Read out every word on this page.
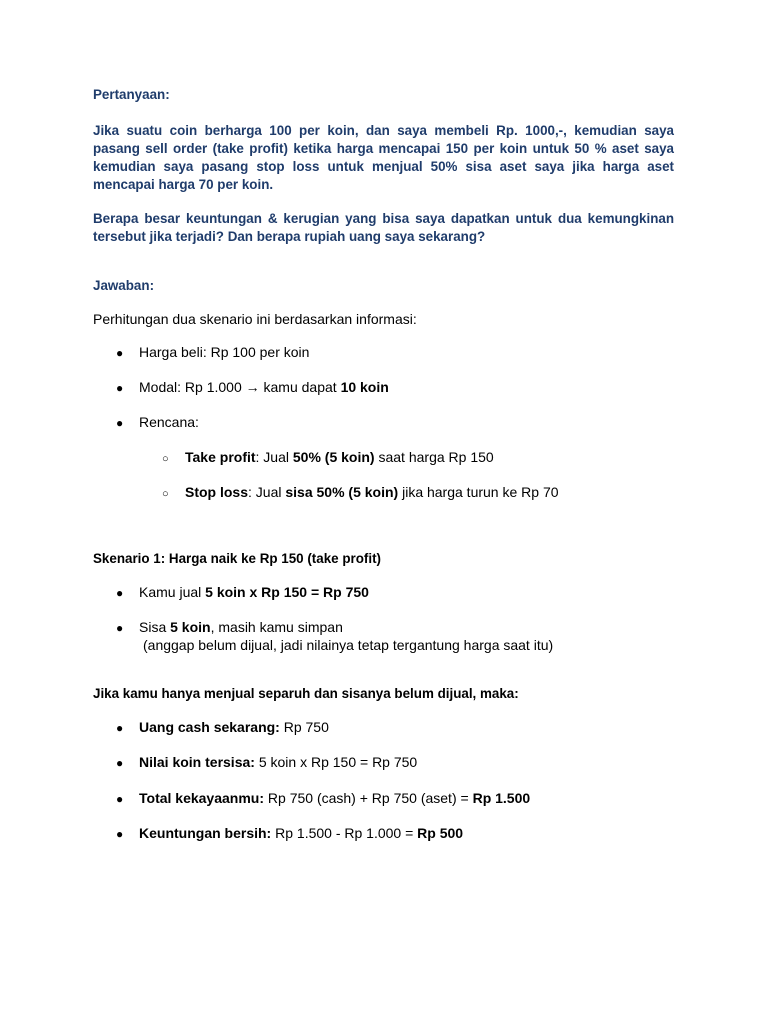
Pertanyaan:
Jika suatu coin berharga 100 per koin, dan saya membeli Rp. 1000,-, kemudian saya pasang sell order (take profit) ketika harga mencapai 150 per koin untuk 50 % aset saya kemudian saya pasang stop loss untuk menjual 50% sisa aset saya jika harga aset mencapai harga 70 per koin.
Berapa besar keuntungan & kerugian yang bisa saya dapatkan untuk dua kemungkinan tersebut jika terjadi? Dan berapa rupiah uang saya sekarang?
Jawaban:
Perhitungan dua skenario ini berdasarkan informasi:
● Harga beli: Rp 100 per koin
● Modal: Rp 1.000 → kamu dapat 10 koin
● Rencana:
○ Take profit: Jual 50% (5 koin) saat harga Rp 150
○ Stop loss: Jual sisa 50% (5 koin) jika harga turun ke Rp 70
Skenario 1: Harga naik ke Rp 150 (take profit)
● Kamu jual 5 koin x Rp 150 = Rp 750
● Sisa 5 koin, masih kamu simpan
(anggap belum dijual, jadi nilainya tetap tergantung harga saat itu)
Jika kamu hanya menjual separuh dan sisanya belum dijual, maka:
● Uang cash sekarang: Rp 750
● Nilai koin tersisa: 5 koin x Rp 150 = Rp 750
● Total kekayaanmu: Rp 750 (cash) + Rp 750 (aset) = Rp 1.500
● Keuntungan bersih: Rp 1.500 - Rp 1.000 = Rp 500
